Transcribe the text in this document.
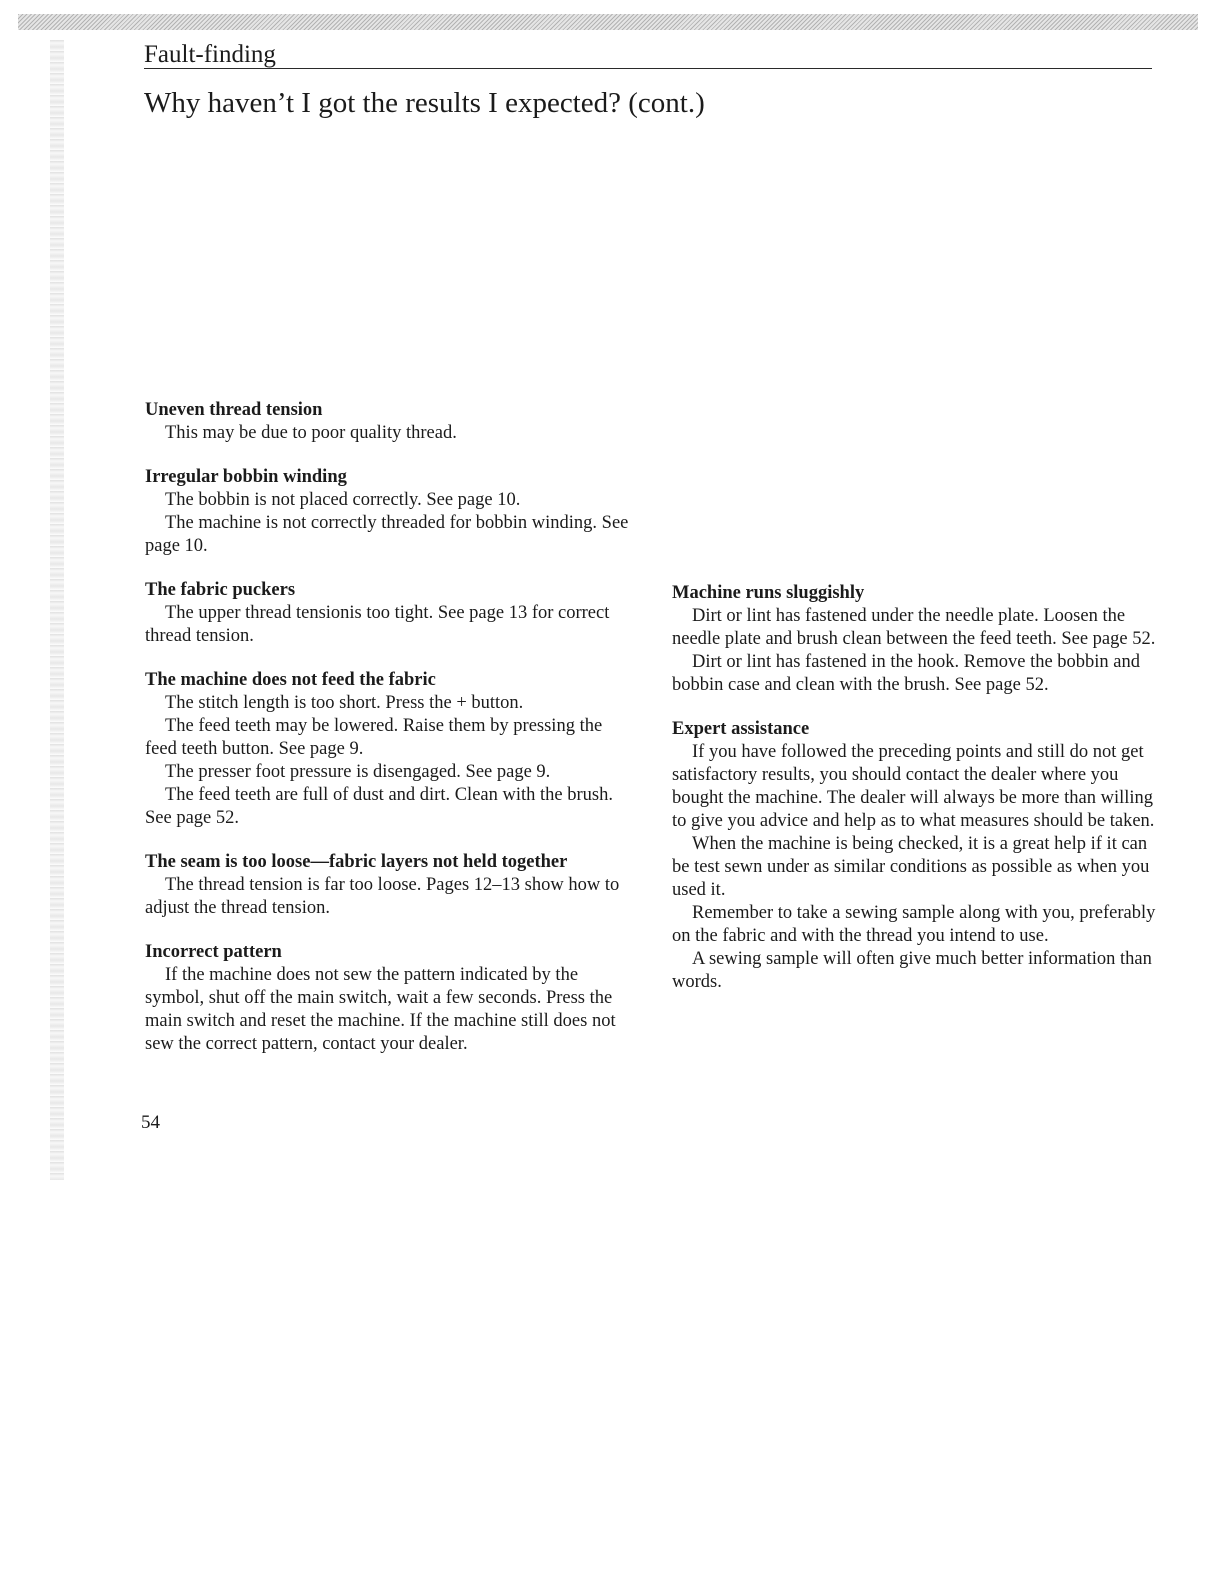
Fault-finding
Why haven’t I got the results I expected? (cont.)
Uneven thread tension

This may be due to poor quality thread.

Irregular bobbin winding

The bobbin is not placed correctly. See page 10.

The machine is not correctly threaded for bobbin winding. See page 10.

The fabric puckers

The upper thread tensionis too tight. See page 13 for correct thread tension.

The machine does not feed the fabric

The stitch length is too short. Press the + button.

The feed teeth may be lowered. Raise them by pressing the feed teeth button. See page 9.

The presser foot pressure is disengaged. See page 9.

The feed teeth are full of dust and dirt. Clean with the brush. See page 52.

The seam is too loose—fabric layers not held together

The thread tension is far too loose. Pages 12–13 show how to adjust the thread tension.

Incorrect pattern

If the machine does not sew the pattern indicated by the symbol, shut off the main switch, wait a few seconds. Press the main switch and reset the machine. If the machine still does not sew the correct pattern, contact your dealer.

Machine runs sluggishly

Dirt or lint has fastened under the needle plate. Loosen the needle plate and brush clean between the feed teeth. See page 52.

Dirt or lint has fastened in the hook. Remove the bobbin and bobbin case and clean with the brush. See page 52.

Expert assistance

If you have followed the preceding points and still do not get satisfactory results, you should contact the dealer where you bought the machine. The dealer will always be more than willing to give you advice and help as to what measures should be taken.

When the machine is being checked, it is a great help if it can be test sewn under as similar conditions as possible as when you used it.

Remember to take a sewing sample along with you, preferably on the fabric and with the thread you intend to use.

A sewing sample will often give much better information than words.

54
